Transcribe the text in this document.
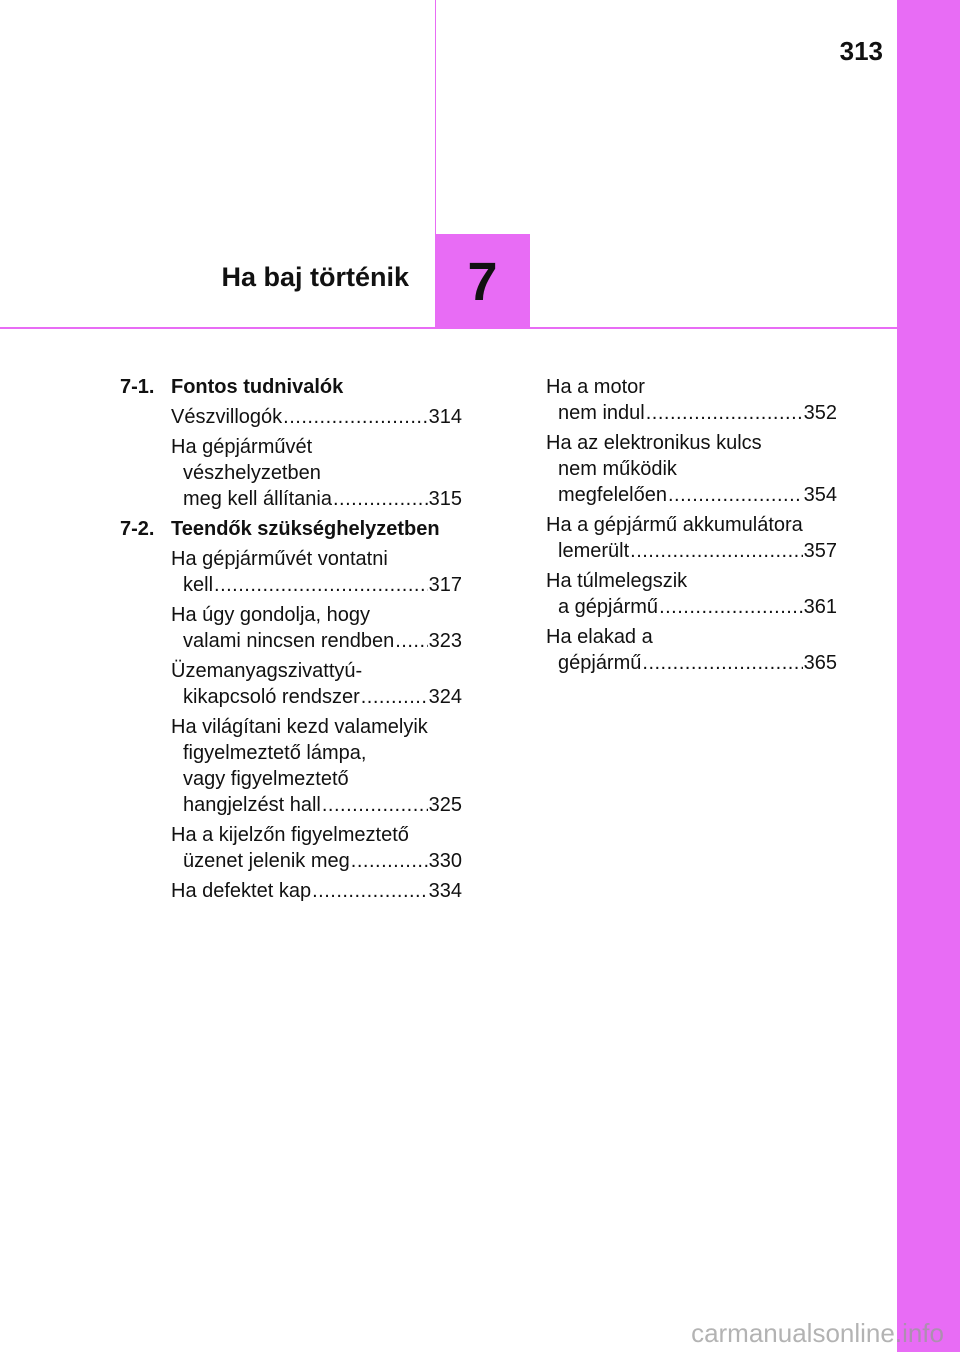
313
Ha baj történik	7
7-1. Fontos tudnivalók
Vészvillogók .....	314
Ha gépjárművét
vészhelyzetben
meg kell állítania .....	315
7-2. Teendők szükséghelyzetben
Ha gépjárművét vontatni
kell .....	317
Ha úgy gondolja, hogy
valami nincsen rendben ..... 323
Üzemanyagszivattyú-
kikapcsoló rendszer .....	324
Ha világítani kezd valamelyik
figyelmeztető lámpa,
vagy figyelmeztető
hangjelzést hall .....	325
Ha a kijelzőn figyelmeztető
üzenet jelenik meg .....	330
Ha defektet kap .....	334
Ha a motor
nem indul .....	352
Ha az elektronikus kulcs
nem működik
megfelelően .....	354
Ha a gépjármű akkumulátora
lemerült .....	357
Ha túlmelegszik
a gépjármű .....	361
Ha elakad a
gépjármű .....	365
carmanualsonline.info
